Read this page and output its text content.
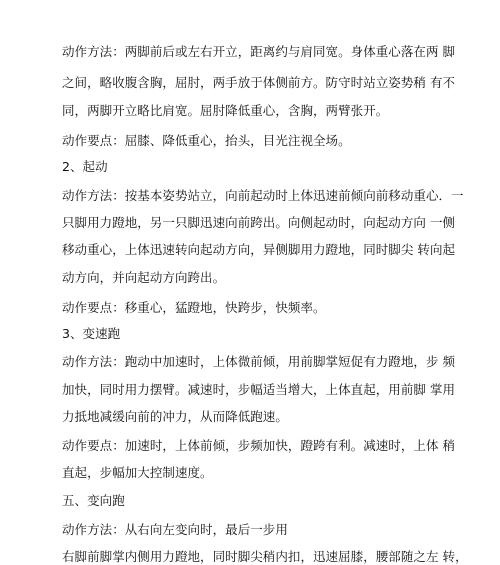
动作方法：两脚前后或左右开立，距离约与肩同宽。身体重心落在两 脚
之间，略收腹含胸，屈肘，两手放于体侧前方。防守时站立姿势稍 有不
同，两脚开立略比肩宽。屈肘降低重心，含胸，两臂张开。
动作要点：屈膝、降低重心，抬头，目光注视全场。
2、起动
动作方法：按基本姿势站立，向前起动时上体迅速前倾向前移动重心．一
只脚用力蹬地，另一只脚迅速向前跨出。向侧起动时，向起动方向 一侧
移动重心，上体迅速转向起动方向，异侧脚用力蹬地，同时脚尖 转向起
动方向，并向起动方向跨出。
动作要点：移重心，猛蹬地，快跨步，快频率。
3、变速跑
动作方法：跑动中加速时，上体微前倾，用前脚掌短促有力蹬地，步 频
加快，同时用力摆臂。减速时，步幅适当增大，上体直起，用前脚 掌用
力抵地减缓向前的冲力，从而降低跑速。
动作要点：加速时，上体前倾，步频加快，蹬跨有利。减速时，上体 稍
直起，步幅加大控制速度。
五、变向跑
动作方法：从右向左变向时，最后一步用
右脚前脚掌内侧用力蹬地，同时脚尖稍内扣，迅速屈膝，腰部随之左 转，
